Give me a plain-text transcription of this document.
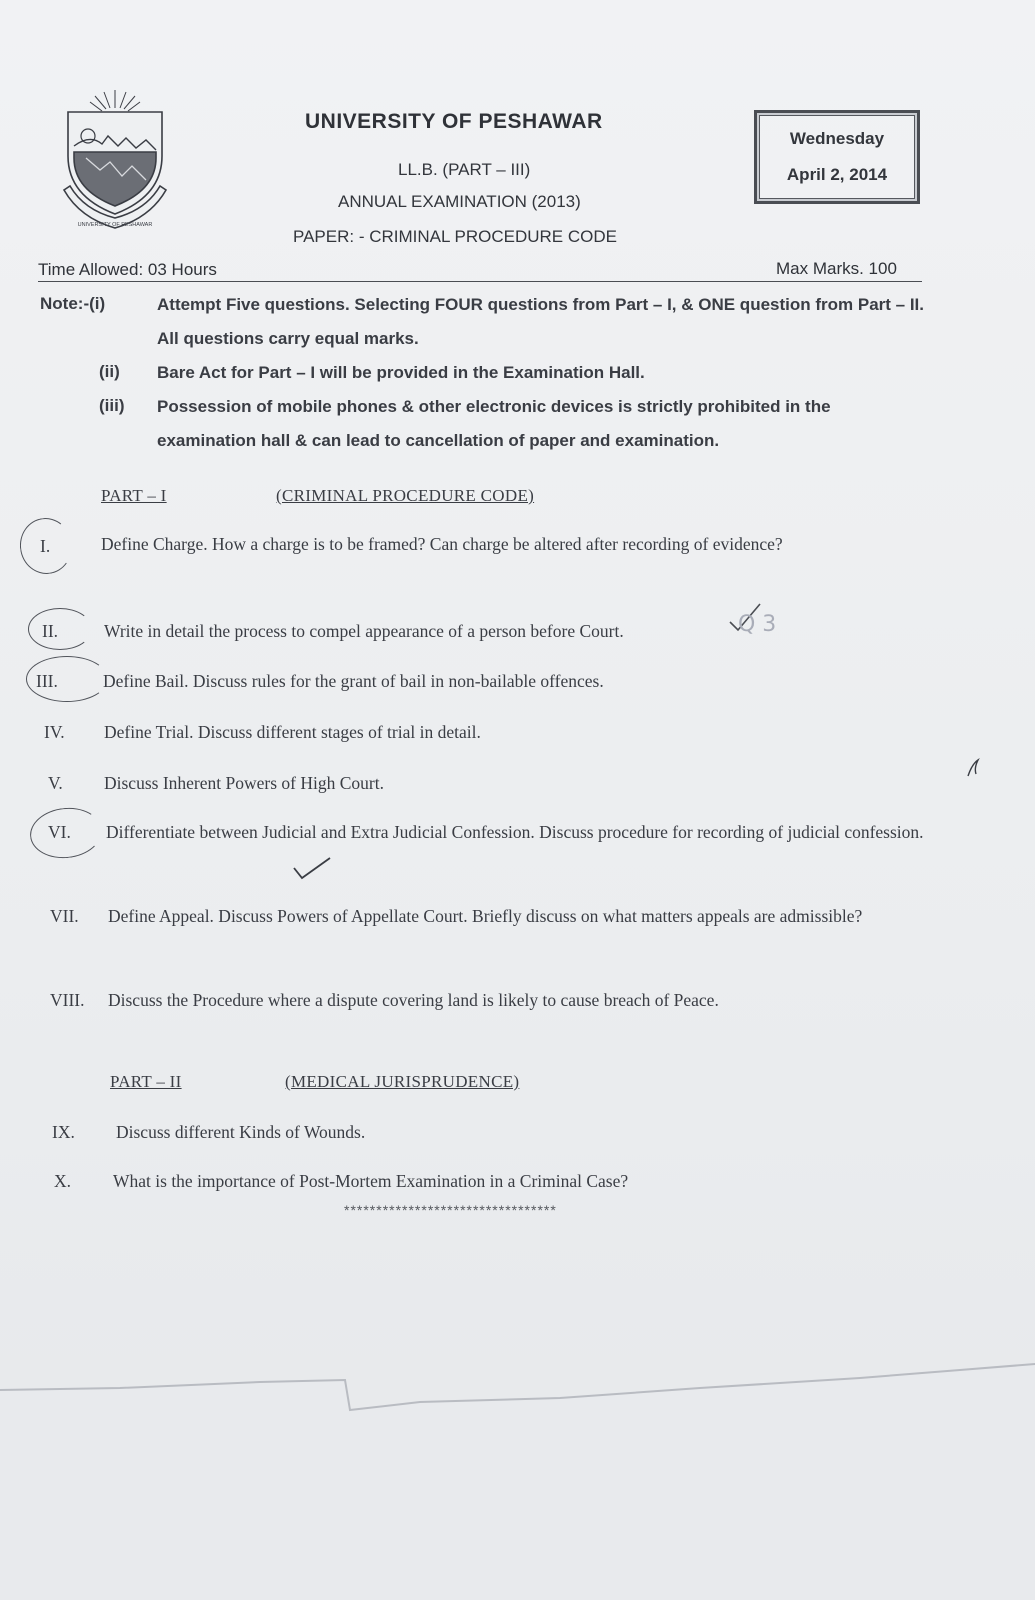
UNIVERSITY OF PESHAWAR
UNIVERSITY OF PESHAWAR
LL.B. (PART – III)
ANNUAL EXAMINATION (2013)
PAPER: - CRIMINAL PROCEDURE CODE
Wednesday
April 2, 2014
Time Allowed: 03 Hours	Max Marks. 100
Note:-(i)	Attempt Five questions. Selecting FOUR questions from Part – I, & ONE question from Part – II. All questions carry equal marks.
(ii) Bare Act for Part – I will be provided in the Examination Hall.
(iii) Possession of mobile phones & other electronic devices is strictly prohibited in the examination hall & can lead to cancellation of paper and examination.
PART – I	(CRIMINAL PROCEDURE CODE)
I.	Define Charge. How a charge is to be framed? Can charge be altered after recording of evidence?
II.	Write in detail the process to compel appearance of a person before Court.
III.	Define Bail. Discuss rules for the grant of bail in non-bailable offences.
IV. Define Trial. Discuss different stages of trial in detail.
V. Discuss Inherent Powers of High Court.
VI. Differentiate between Judicial and Extra Judicial Confession. Discuss procedure for recording of judicial confession.
VII. Define Appeal. Discuss Powers of Appellate Court. Briefly discuss on what matters appeals are admissible?
VIII. Discuss the Procedure where a dispute covering land is likely to cause breach of Peace.
PART – II	(MEDICAL JURISPRUDENCE)
IX. Discuss different Kinds of Wounds.
X. What is the importance of Post-Mortem Examination in a Criminal Case?
*********************************
Q 3
